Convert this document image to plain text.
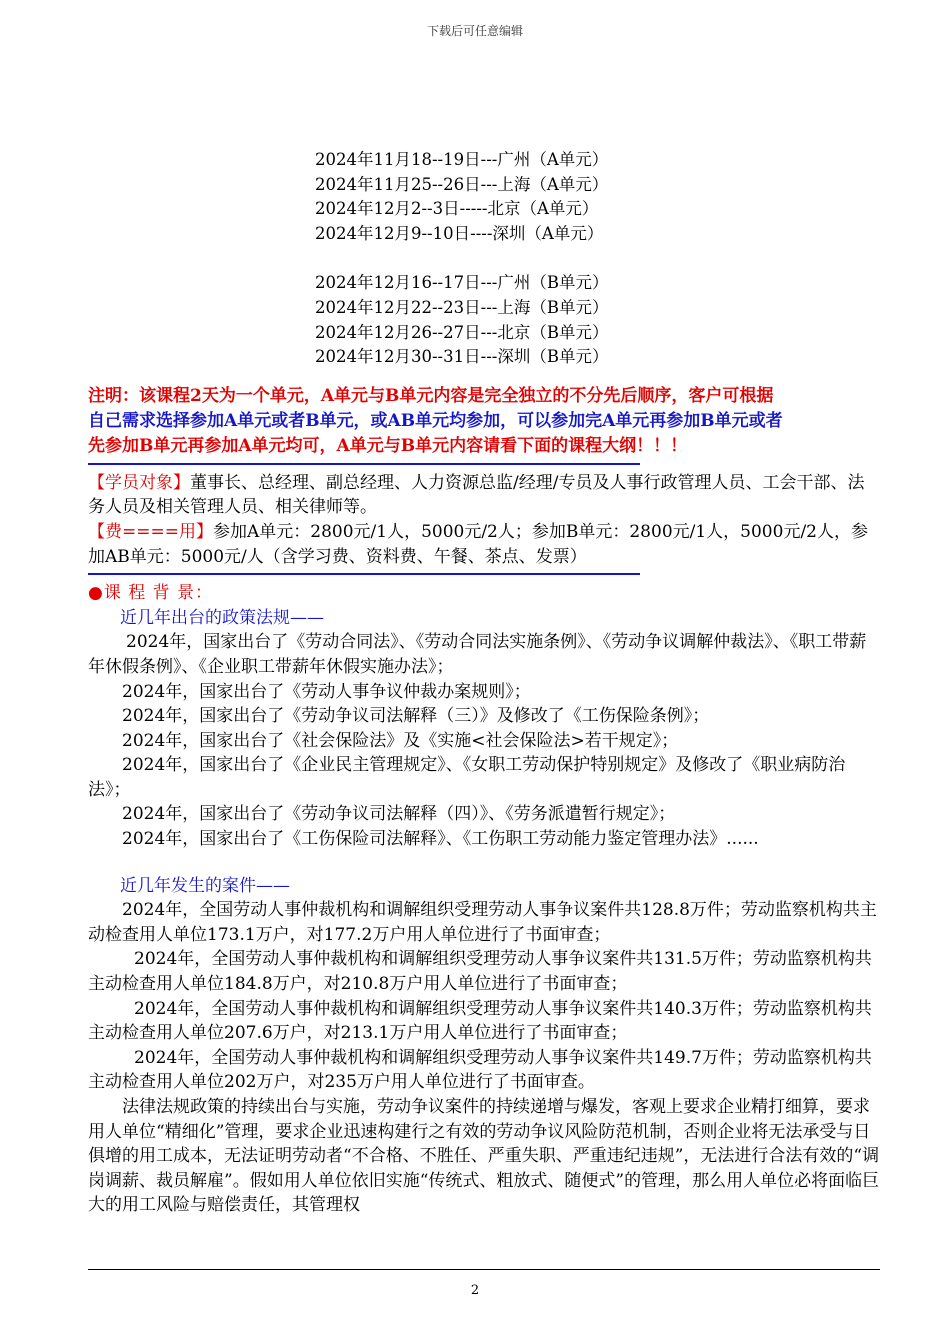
下载后可任意编辑
2024年11月18--19日---广州（A单元）
2024年11月25--26日---上海（A单元）
2024年12月2--3日-----北京（A单元）
2024年12月9--10日----深圳（A单元）
2024年12月16--17日---广州（B单元）
2024年12月22--23日---上海（B单元）
2024年12月26--27日---北京（B单元）
2024年12月30--31日---深圳（B单元）
注明：该课程2天为一个单元，A单元与B单元内容是完全独立的不分先后顺序，客户可根据
自己需求选择参加A单元或者B单元，或AB单元均参加，可以参加完A单元再参加B单元或者
先参加B单元再参加A单元均可，A单元与B单元内容请看下面的课程大纲！！！

【学员对象】董事长、总经理、副总经理、人力资源总监/经理/专员及人事行政管理人员、工会干部、法务人员及相关管理人员、相关律师等。

【费====用】参加A单元：2800元/1人，5000元/2人；参加B单元：2800元/1人，5000元/2人，参加AB单元：5000元/人（含学习费、资料费、午餐、茶点、发票）

●课 程 背 景：
近几年出台的政策法规——

2024年，国家出台了《劳动合同法》、《劳动合同法实施条例》、《劳动争议调解仲裁法》、《职工带薪年休假条例》、《企业职工带薪年休假实施办法》；

2024年，国家出台了《劳动人事争议仲裁办案规则》；

2024年，国家出台了《劳动争议司法解释（三）》及修改了《工伤保险条例》；

2024年，国家出台了《社会保险法》及《实施<社会保险法>若干规定》；

2024年，国家出台了《企业民主管理规定》、《女职工劳动保护特别规定》及修改了《职业病防治法》；

2024年，国家出台了《劳动争议司法解释（四）》、《劳务派遣暂行规定》；

2024年，国家出台了《工伤保险司法解释》、《工伤职工劳动能力鉴定管理办法》......

近几年发生的案件——

2024年，全国劳动人事仲裁机构和调解组织受理劳动人事争议案件共128.8万件；劳动监察机构共主动检查用人单位173.1万户，对177.2万户用人单位进行了书面审查；

2024年，全国劳动人事仲裁机构和调解组织受理劳动人事争议案件共131.5万件；劳动监察机构共主动检查用人单位184.8万户，对210.8万户用人单位进行了书面审查；

2024年，全国劳动人事仲裁机构和调解组织受理劳动人事争议案件共140.3万件；劳动监察机构共主动检查用人单位207.6万户，对213.1万户用人单位进行了书面审查；

2024年，全国劳动人事仲裁机构和调解组织受理劳动人事争议案件共149.7万件；劳动监察机构共主动检查用人单位202万户，对235万户用人单位进行了书面审查。

法律法规政策的持续出台与实施，劳动争议案件的持续递增与爆发，客观上要求企业精打细算，要求用人单位“精细化”管理，要求企业迅速构建行之有效的劳动争议风险防范机制，否则企业将无法承受与日俱增的用工成本，无法证明劳动者“不合格、不胜任、严重失职、严重违纪违规”，无法进行合法有效的“调岗调薪、裁员解雇”。假如用人单位依旧实施“传统式、粗放式、随便式”的管理，那么用人单位必将面临巨大的用工风险与赔偿责任，其管理权

2
